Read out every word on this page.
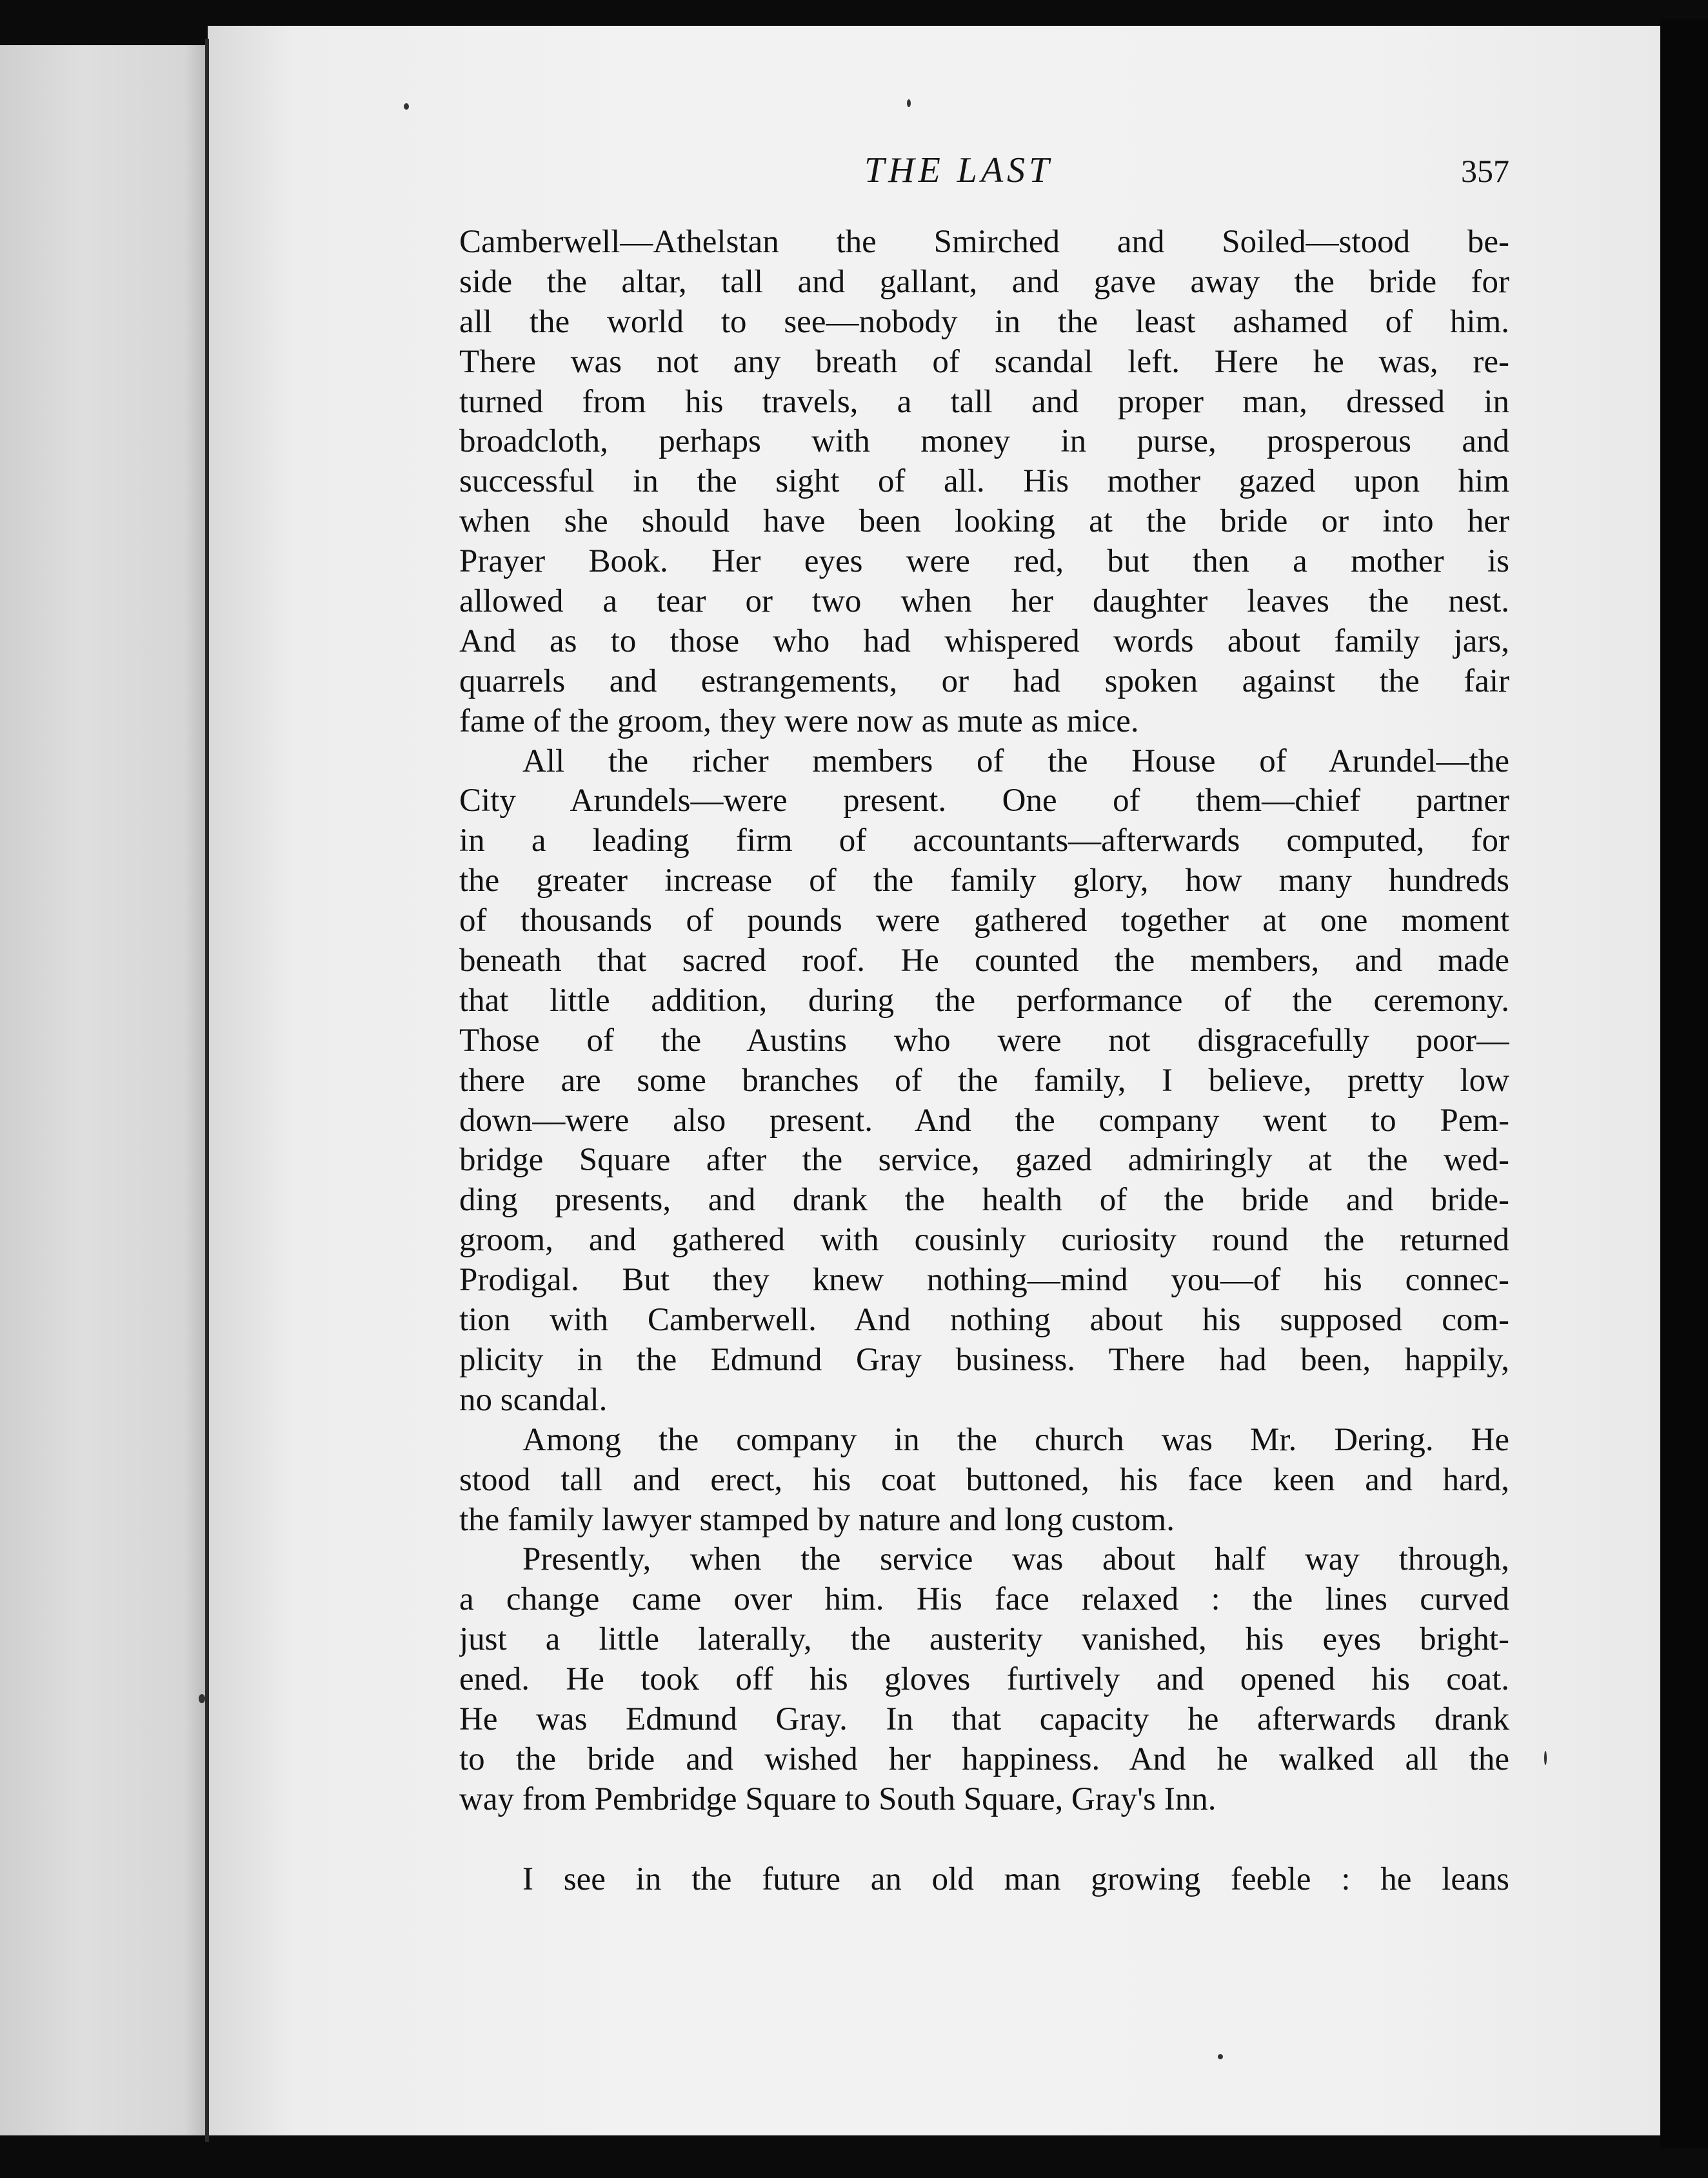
THE LAST	357
Camberwell—Athelstan the Smirched and Soiled—stood be-
side the altar, tall and gallant, and gave away the bride for
all the world to see—nobody in the least ashamed of him.
There was not any breath of scandal left. Here he was, re-
turned from his travels, a tall and proper man, dressed in
broadcloth, perhaps with money in purse, prosperous and
successful in the sight of all. His mother gazed upon him
when she should have been looking at the bride or into her
Prayer Book. Her eyes were red, but then a mother is
allowed a tear or two when her daughter leaves the nest.
And as to those who had whispered words about family jars,
quarrels and estrangements, or had spoken against the fair
fame of the groom, they were now as mute as mice.
All the richer members of the House of Arundel—the
City Arundels—were present. One of them—chief partner
in a leading firm of accountants—afterwards computed, for
the greater increase of the family glory, how many hundreds
of thousands of pounds were gathered together at one moment
beneath that sacred roof. He counted the members, and made
that little addition, during the performance of the ceremony.
Those of the Austins who were not disgracefully poor—
there are some branches of the family, I believe, pretty low
down—were also present. And the company went to Pem-
bridge Square after the service, gazed admiringly at the wed-
ding presents, and drank the health of the bride and bride-
groom, and gathered with cousinly curiosity round the returned
Prodigal. But they knew nothing—mind you—of his connec-
tion with Camberwell. And nothing about his supposed com-
plicity in the Edmund Gray business. There had been, happily,
no scandal.
Among the company in the church was Mr. Dering. He
stood tall and erect, his coat buttoned, his face keen and hard,
the family lawyer stamped by nature and long custom.
Presently, when the service was about half way through,
a change came over him. His face relaxed : the lines curved
just a little laterally, the austerity vanished, his eyes bright-
ened. He took off his gloves furtively and opened his coat.
He was Edmund Gray. In that capacity he afterwards drank
to the bride and wished her happiness. And he walked all the
way from Pembridge Square to South Square, Gray's Inn.
I see in the future an old man growing feeble : he leans
